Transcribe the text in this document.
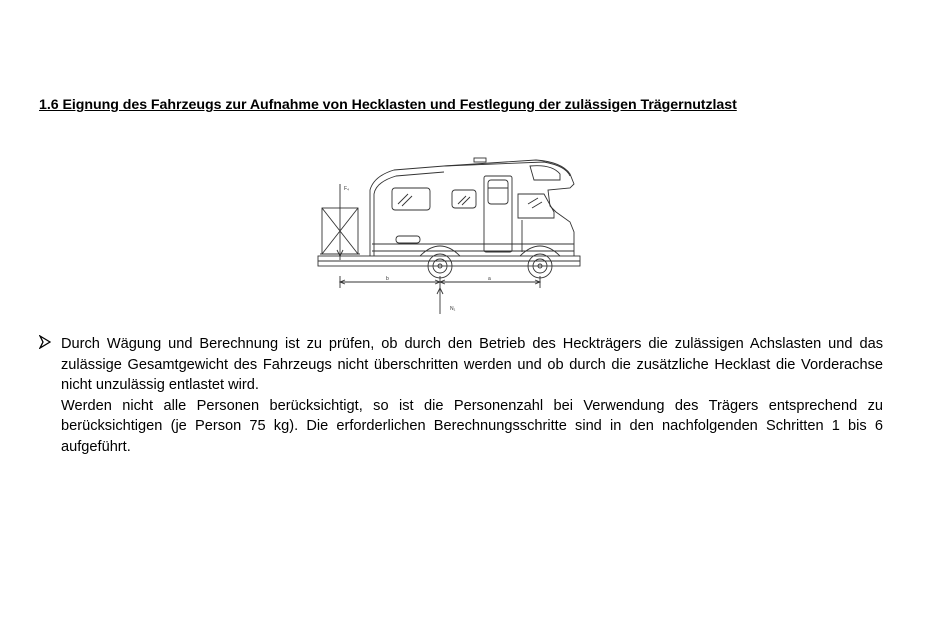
1.6 Eignung des Fahrzeugs zur Aufnahme von Hecklasten und Festlegung der zulässigen Trägernutzlast
F₄
b	a
N₁

Durch Wägung und Berechnung ist zu prüfen, ob durch den Betrieb des Heckträgers die zulässigen Achslasten und das zulässige Gesamtgewicht des Fahrzeugs nicht überschritten werden und ob durch die zusätzliche Hecklast die Vorderachse nicht unzulässig entlastet wird.

Werden nicht alle Personen berücksichtigt, so ist die Personenzahl bei Verwendung des Trägers entsprechend zu berücksichtigen (je Person 75 kg). Die erforderlichen Berechnungsschritte sind in den nachfolgenden Schritten 1 bis 6 aufgeführt.
